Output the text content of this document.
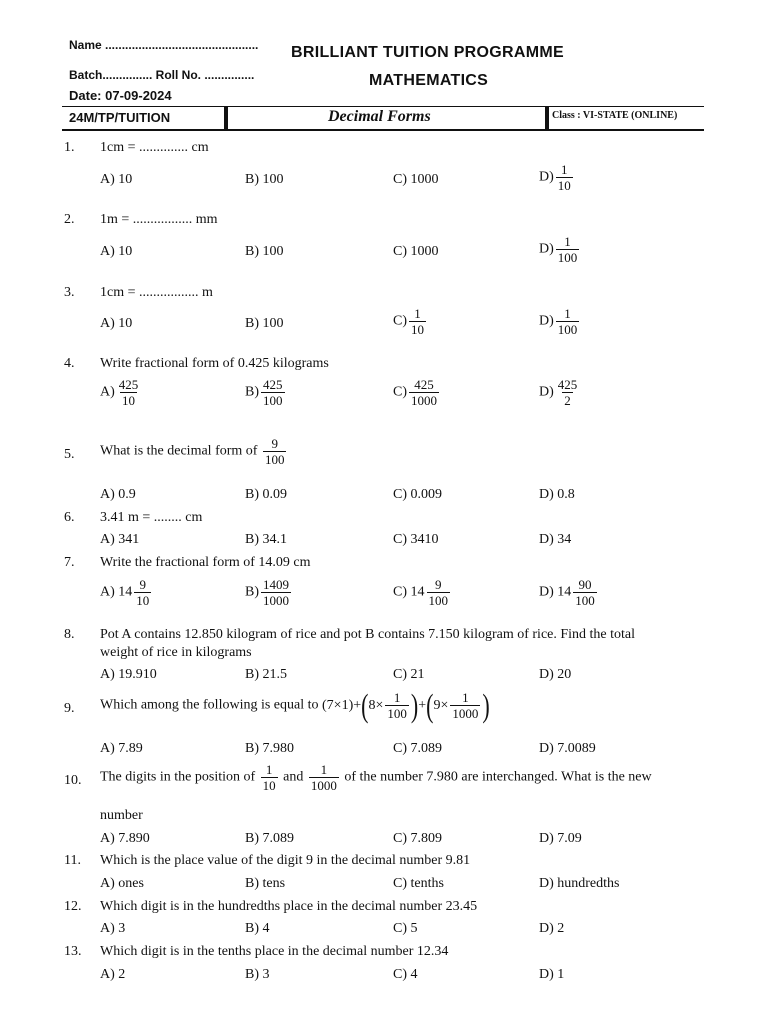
Name ..............................................
Batch............... Roll No. ...............
Date: 07-09-2024
BRILLIANT TUITION PROGRAMME
MATHEMATICS
24M/TP/TUITION	Decimal Forms	Class : VI-STATE (ONLINE)
1. 1cm = .............. cm
A) 10	B) 100	C) 1000	$D) \frac{1}{10}$
2. 1m = ................. mm
A) 10	B) 100	C) 1000	$D) \frac{1}{100}$
3. 1cm = ................. m
A) 10	B) 100	$C) \frac{1}{10}$	$D) \frac{1}{100}$
4. Write fractional form of 0.425 kilograms
$A) \frac{425}{10}$	$B) \frac{425}{100}$	$C) \frac{425}{1000}$	$D) \frac{425}{2}$
5. What is the decimal form of $\frac{9}{100}$
A) 0.9	B) 0.09	C) 0.009	D) 0.8
6. 3.41 m = ........ cm
A) 341	B) 34.1	C) 3410	D) 34
7. Write the fractional form of 14.09 cm
A) $14 \frac{9}{10}$	$B) \frac{1409}{1000}$	C) $14 \frac{9}{100}$	D) $14 \frac{90}{100}$
8. Pot A contains 12.850 kilogram of rice and pot B contains 7.150 kilogram of rice. Find the total
weight of rice in kilograms
A) 19.910	B) 21.5	C) 21	D) 20
9. Which among the following is equal to $(7\times 1)+(8\times \frac{1}{100} )+(9\times \frac{1}{1000}$ )
A) 7.89	B) 7.980	C) 7.089	D) 7.0089
10. The digits in the position of $\frac{1}{10}$ and $\frac{1}{1000}$ of the number 7.980 are interchanged. What is the new
number
A) 7.890	B) 7.089	C) 7.809	D) 7.09
11. Which is the place value of the digit 9 in the decimal number 9.81
A) ones	B) tens	C) tenths	D) hundredths
12. Which digit is in the hundredths place in the decimal number 23.45
A) 3	B) 4	C) 5	D) 2
13. Which digit is in the tenths place in the decimal number 12.34
A) 2	B) 3	C) 4	D) 1
